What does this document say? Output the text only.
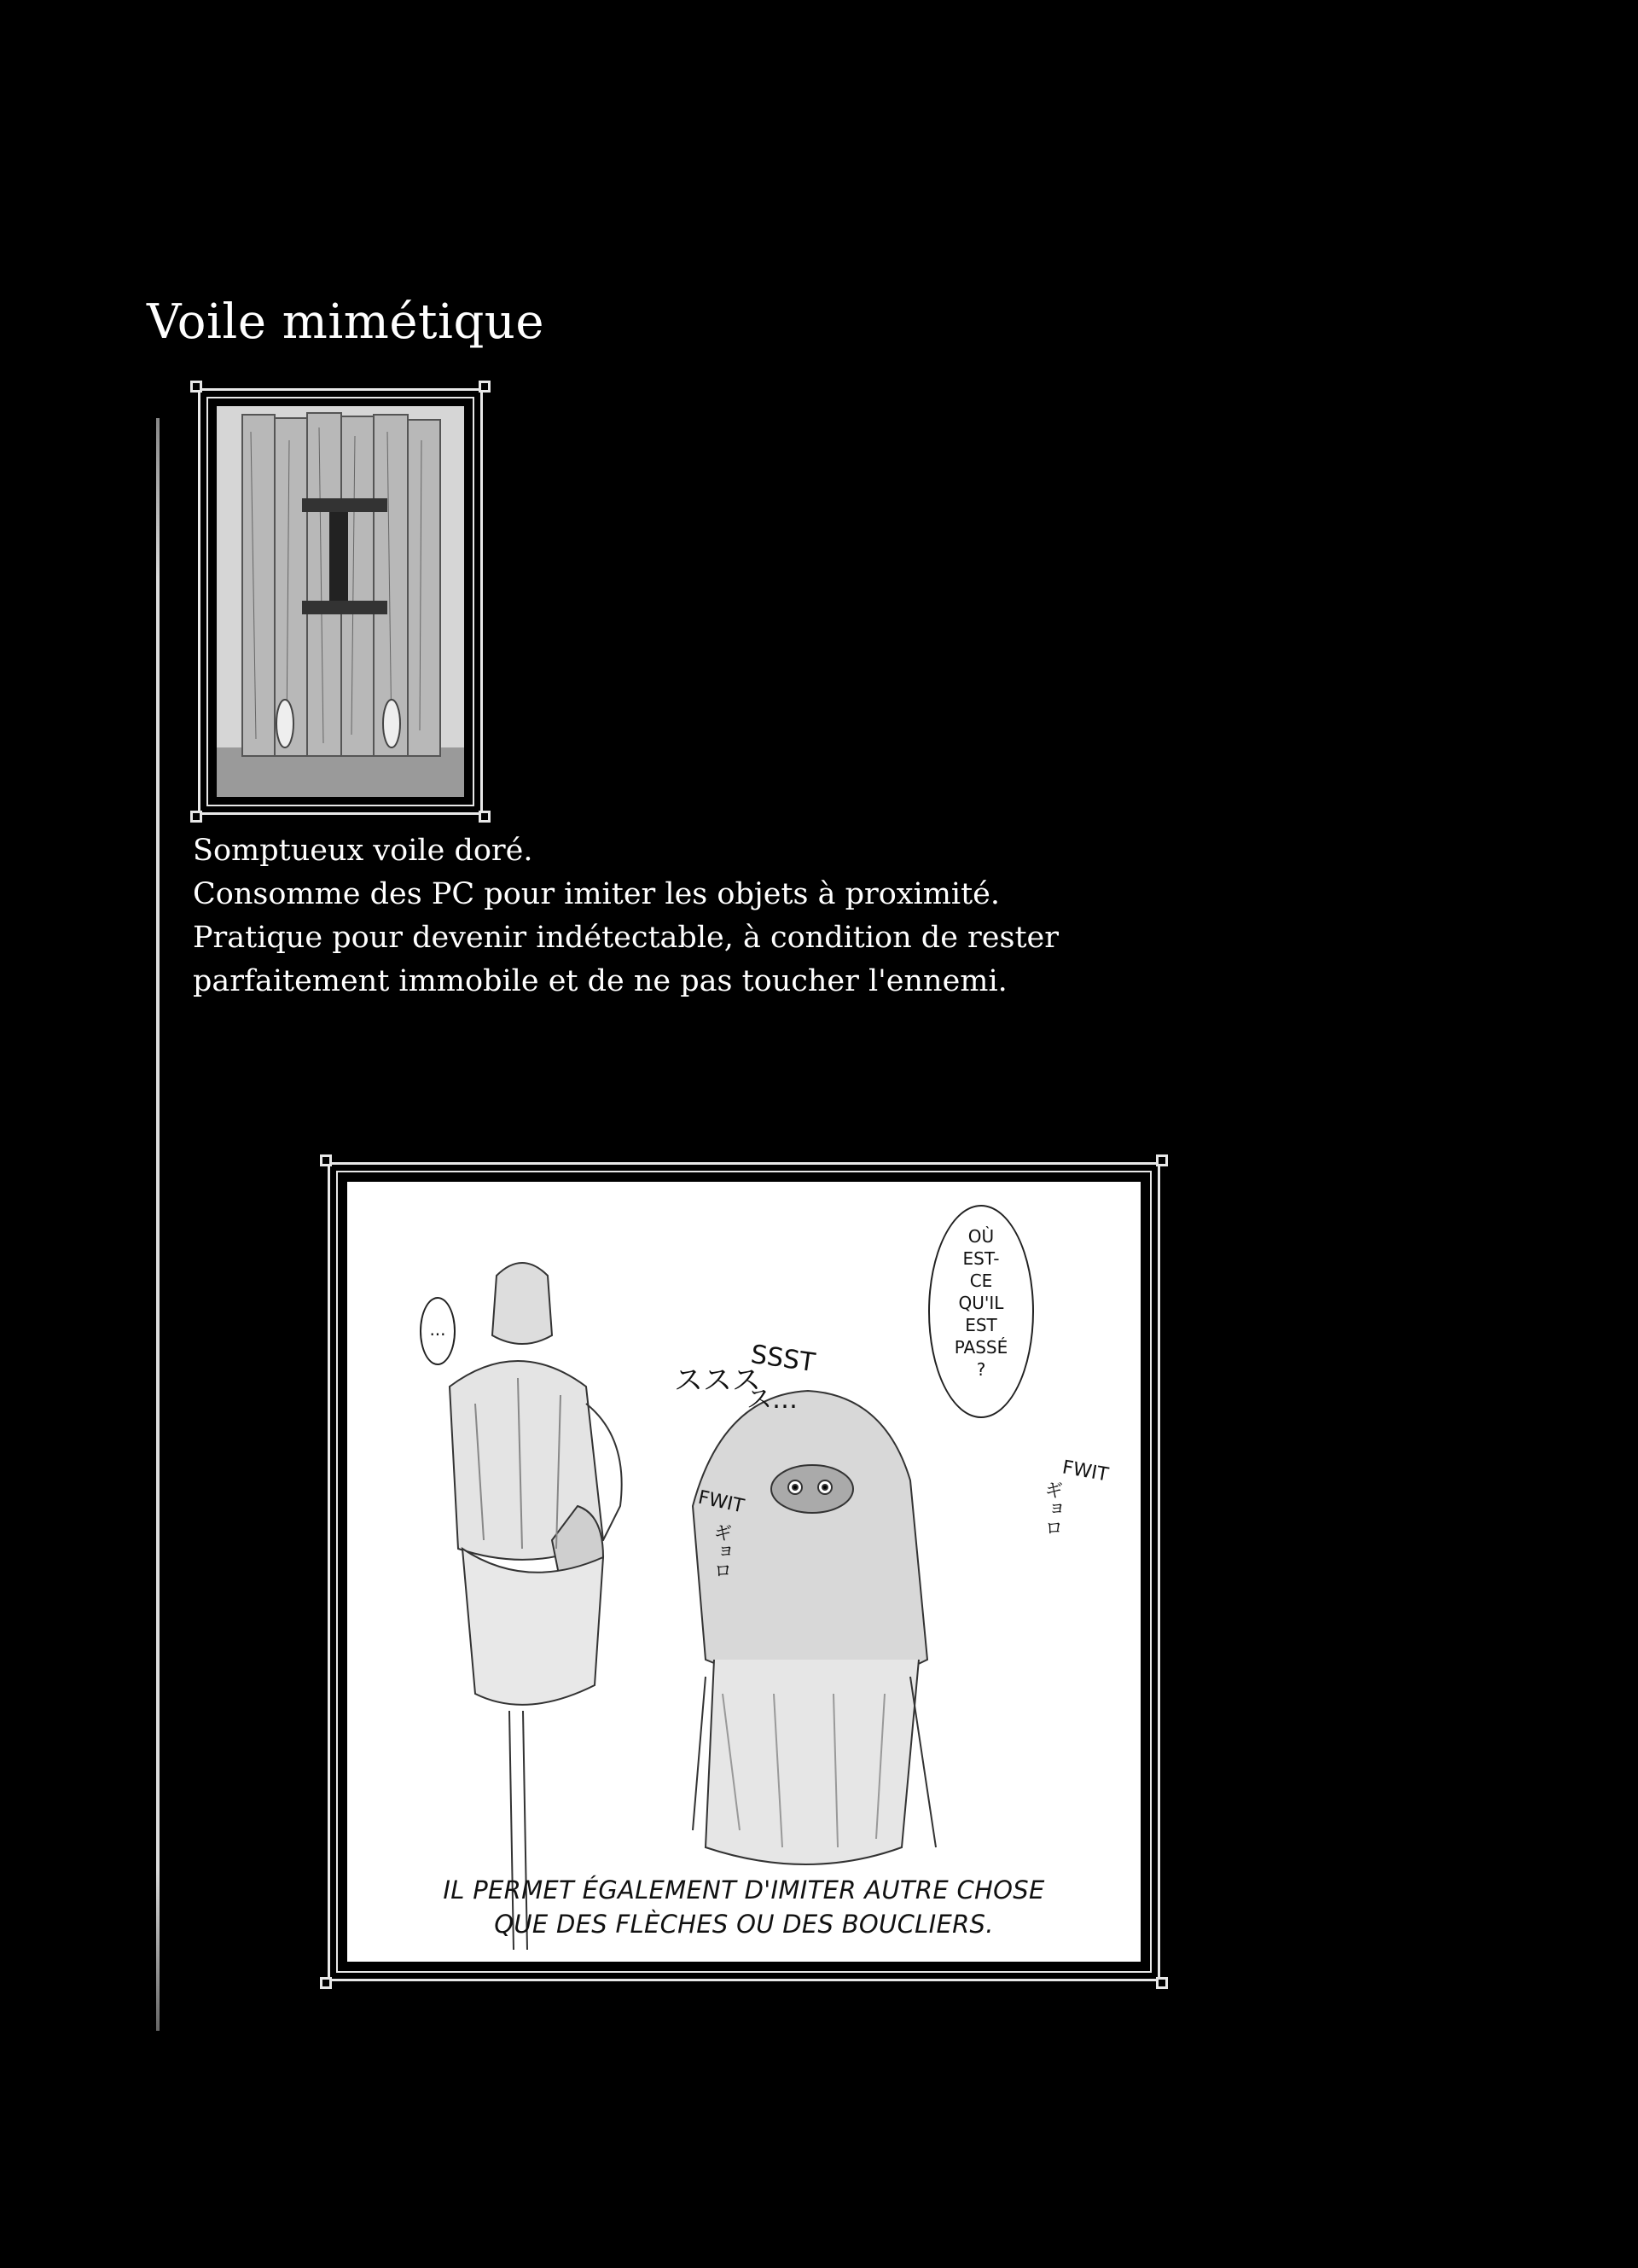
Voile mimétique
Somptueux voile doré.
Consomme des PC pour imiter les objets à proximité.
Pratique pour devenir indétectable, à condition de rester
parfaitement immobile et de ne pas toucher l'ennemi.
OÙ
EST-
CE
QU'IL
EST
PASSÉ
?
...
SSST
ススス
ス…
FWIT
FWIT
ギョロ
ギョロ
IL PERMET ÉGALEMENT D'IMITER AUTRE CHOSE
QUE DES FLÈCHES OU DES BOUCLIERS.
